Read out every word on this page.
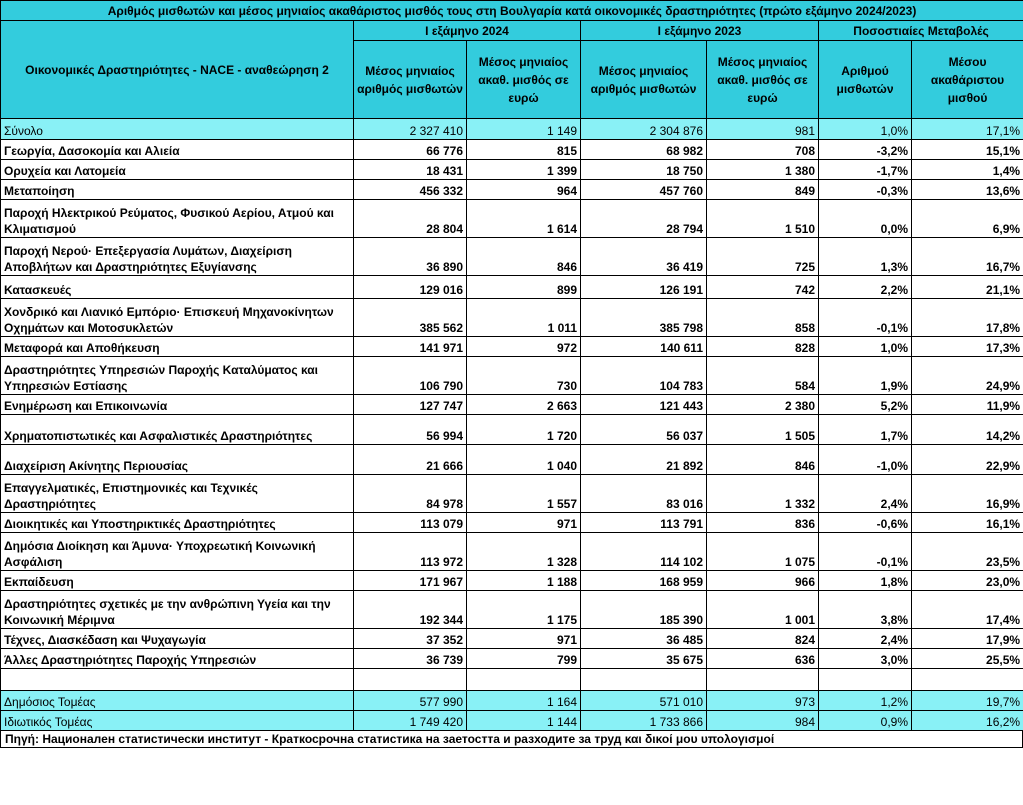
Αριθμός μισθωτών και μέσος μηνιαίος ακαθάριστος μισθός τους στη Βουλγαρία κατά οικονομικές δραστηριότητες (πρώτο εξάμηνο 2024/2023)						
Οικονομικές Δραστηριότητες - NACE - αναθεώρηση 2	I εξάμηνο 2024		I εξάμηνο 2023		Ποσοστιαίες Μεταβολές	
	Μέσος μηνιαίος αριθμός μισθωτών	Μέσος μηνιαίος ακαθ. μισθός σε ευρώ	Μέσος μηνιαίος αριθμός μισθωτών	Μέσος μηνιαίος ακαθ. μισθός σε ευρώ	Αριθμού μισθωτών	Μέσου ακαθάριστου μισθού
Σύνολο	2 327 410	1 149	2 304 876	981	1,0%	17,1%
Γεωργία, Δασοκομία και Αλιεία	66 776	815	68 982	708	-3,2%	15,1%
Ορυχεία και Λατομεία	18 431	1 399	18 750	1 380	-1,7%	1,4%
Μεταποίηση	456 332	964	457 760	849	-0,3%	13,6%
Παροχή Ηλεκτρικού Ρεύματος, Φυσικού Αερίου, Ατμού και Κλιματισμού	28 804	1 614	28 794	1 510	0,0%	6,9%
Παροχή Νερού· Επεξεργασία Λυμάτων, Διαχείριση Αποβλήτων και Δραστηριότητες Εξυγίανσης	36 890	846	36 419	725	1,3%	16,7%
Κατασκευές	129 016	899	126 191	742	2,2%	21,1%
Χονδρικό και Λιανικό Εμπόριο· Επισκευή Μηχανοκίνητων Οχημάτων και Μοτοσυκλετών	385 562	1 011	385 798	858	-0,1%	17,8%
Μεταφορά και Αποθήκευση	141 971	972	140 611	828	1,0%	17,3%
Δραστηριότητες Υπηρεσιών Παροχής Καταλύματος και Υπηρεσιών Εστίασης	106 790	730	104 783	584	1,9%	24,9%
Ενημέρωση και Επικοινωνία	127 747	2 663	121 443	2 380	5,2%	11,9%
Χρηματοπιστωτικές και Ασφαλιστικές Δραστηριότητες	56 994	1 720	56 037	1 505	1,7%	14,2%
Διαχείριση Ακίνητης Περιουσίας	21 666	1 040	21 892	846	-1,0%	22,9%
Επαγγελματικές, Επιστημονικές και Τεχνικές Δραστηριότητες	84 978	1 557	83 016	1 332	2,4%	16,9%
Διοικητικές και Υποστηρικτικές Δραστηριότητες	113 079	971	113 791	836	-0,6%	16,1%
Δημόσια Διοίκηση και Άμυνα· Υποχρεωτική Κοινωνική Ασφάλιση	113 972	1 328	114 102	1 075	-0,1%	23,5%
Εκπαίδευση	171 967	1 188	168 959	966	1,8%	23,0%
Δραστηριότητες σχετικές με την ανθρώπινη Υγεία και την Κοινωνική Μέριμνα	192 344	1 175	185 390	1 001	3,8%	17,4%
Τέχνες, Διασκέδαση και Ψυχαγωγία	37 352	971	36 485	824	2,4%	17,9%
Άλλες Δραστηριότητες Παροχής Υπηρεσιών	36 739	799	35 675	636	3,0%	25,5%

Δημόσιος Τομέας	577 990	1 164	571 010	973	1,2%	19,7%
Ιδιωτικός Τομέας	1 749 420	1 144	1 733 866	984	0,9%	16,2%
Πηγή: Национален статистически институт - Краткосрочна статистика на заетостта и разходите за труд και δικοί μου υπολογισμοί
